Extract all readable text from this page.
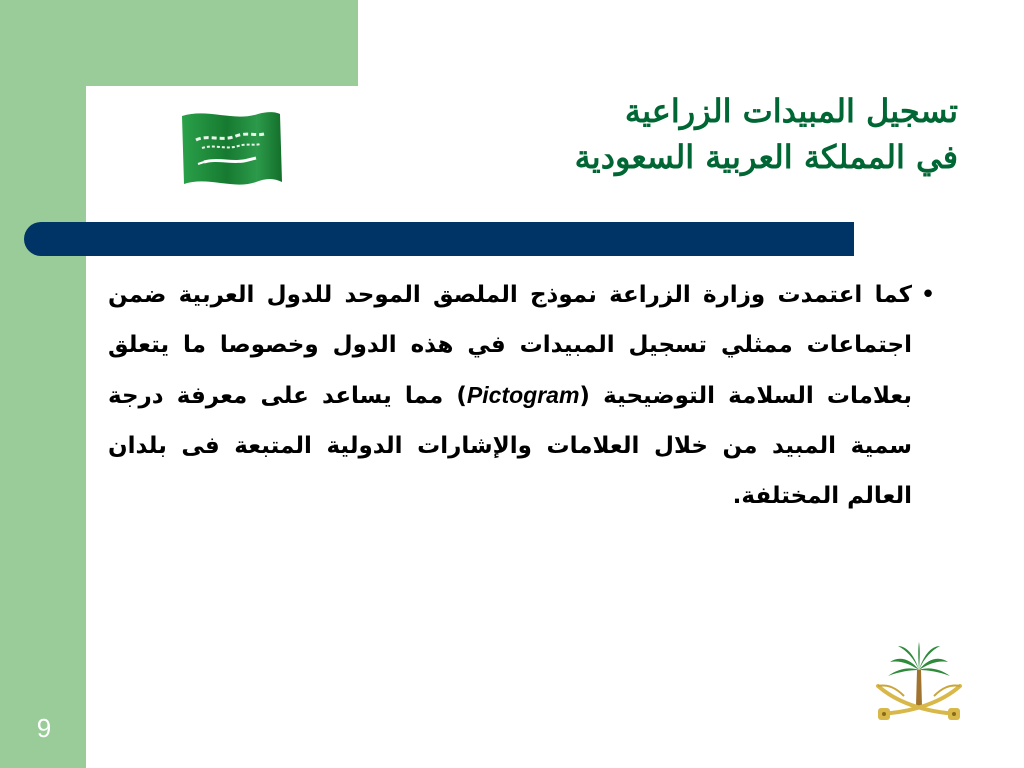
تسجيل المبيدات الزراعية
في المملكة العربية السعودية
•
كما اعتمدت وزارة الزراعة نموذج الملصق الموحد للدول العربية ضمن اجتماعات ممثلي تسجيل المبيدات في هذه الدول وخصوصا ما يتعلق بعلامات السلامة التوضيحية (Pictogram) مما يساعد على معرفة درجة سمية المبيد من خلال العلامات والإشارات الدولية المتبعة فى بلدان العالم المختلفة.
9
